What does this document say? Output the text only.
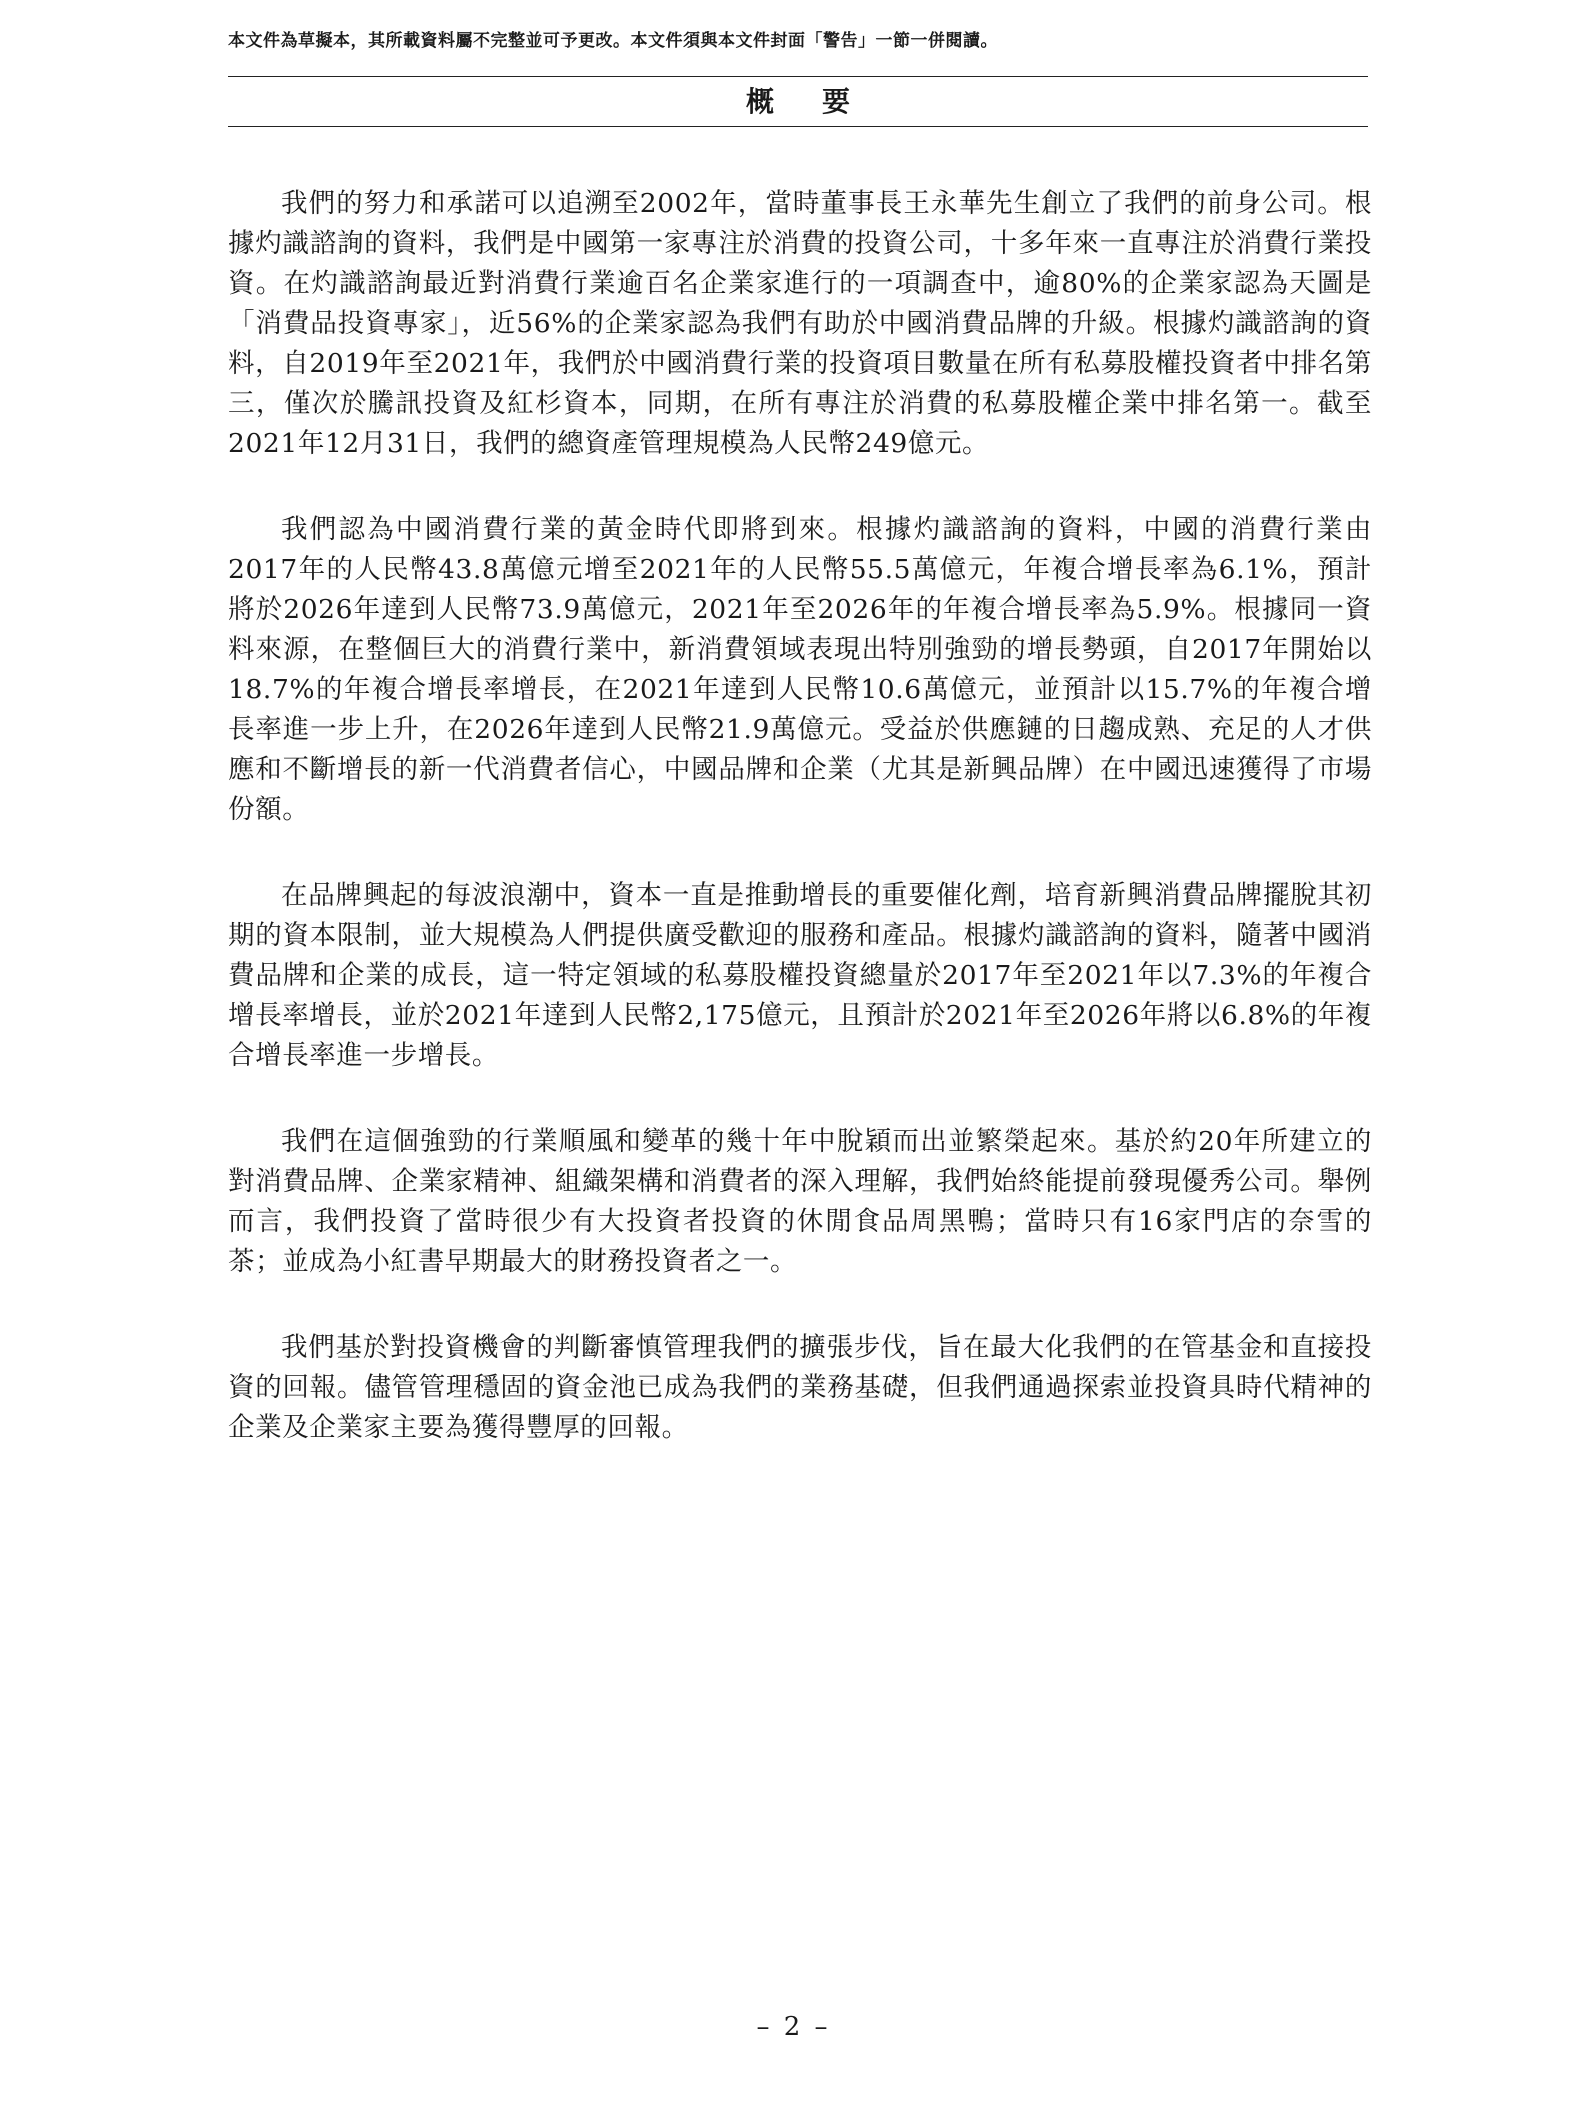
本文件為草擬本，其所載資料屬不完整並可予更改。本文件須與本文件封面「警告」一節一併閱讀。
概要

我們的努力和承諾可以追溯至2002年，當時董事長王永華先生創立了我們的前身公司。根據灼識諮詢的資料，我們是中國第一家專注於消費的投資公司，十多年來一直專注於消費行業投資。在灼識諮詢最近對消費行業逾百名企業家進行的一項調查中，逾80%的企業家認為天圖是「消費品投資專家」，近56%的企業家認為我們有助於中國消費品牌的升級。根據灼識諮詢的資料，自2019年至2021年，我們於中國消費行業的投資項目數量在所有私募股權投資者中排名第三，僅次於騰訊投資及紅杉資本，同期，在所有專注於消費的私募股權企業中排名第一。截至2021年12月31日，我們的總資產管理規模為人民幣249億元。

我們認為中國消費行業的黃金時代即將到來。根據灼識諮詢的資料，中國的消費行業由2017年的人民幣43.8萬億元增至2021年的人民幣55.5萬億元，年複合增長率為6.1%，預計將於2026年達到人民幣73.9萬億元，2021年至2026年的年複合增長率為5.9%。根據同一資料來源，在整個巨大的消費行業中，新消費領域表現出特別強勁的增長勢頭，自2017年開始以18.7%的年複合增長率增長，在2021年達到人民幣10.6萬億元，並預計以15.7%的年複合增長率進一步上升，在2026年達到人民幣21.9萬億元。受益於供應鏈的日趨成熟、充足的人才供應和不斷增長的新一代消費者信心，中國品牌和企業（尤其是新興品牌）在中國迅速獲得了市場份額。

在品牌興起的每波浪潮中，資本一直是推動增長的重要催化劑，培育新興消費品牌擺脫其初期的資本限制，並大規模為人們提供廣受歡迎的服務和產品。根據灼識諮詢的資料，隨著中國消費品牌和企業的成長，這一特定領域的私募股權投資總量於2017年至2021年以7.3%的年複合增長率增長，並於2021年達到人民幣2,175億元，且預計於2021年至2026年將以6.8%的年複合增長率進一步增長。

我們在這個強勁的行業順風和變革的幾十年中脫穎而出並繁榮起來。基於約20年所建立的對消費品牌、企業家精神、組織架構和消費者的深入理解，我們始終能提前發現優秀公司。舉例而言，我們投資了當時很少有大投資者投資的休閒食品周黑鴨；當時只有16家門店的奈雪的茶；並成為小紅書早期最大的財務投資者之一。

我們基於對投資機會的判斷審慎管理我們的擴張步伐，旨在最大化我們的在管基金和直接投資的回報。儘管管理穩固的資金池已成為我們的業務基礎，但我們通過探索並投資具時代精神的企業及企業家主要為獲得豐厚的回報。

– 2 –
